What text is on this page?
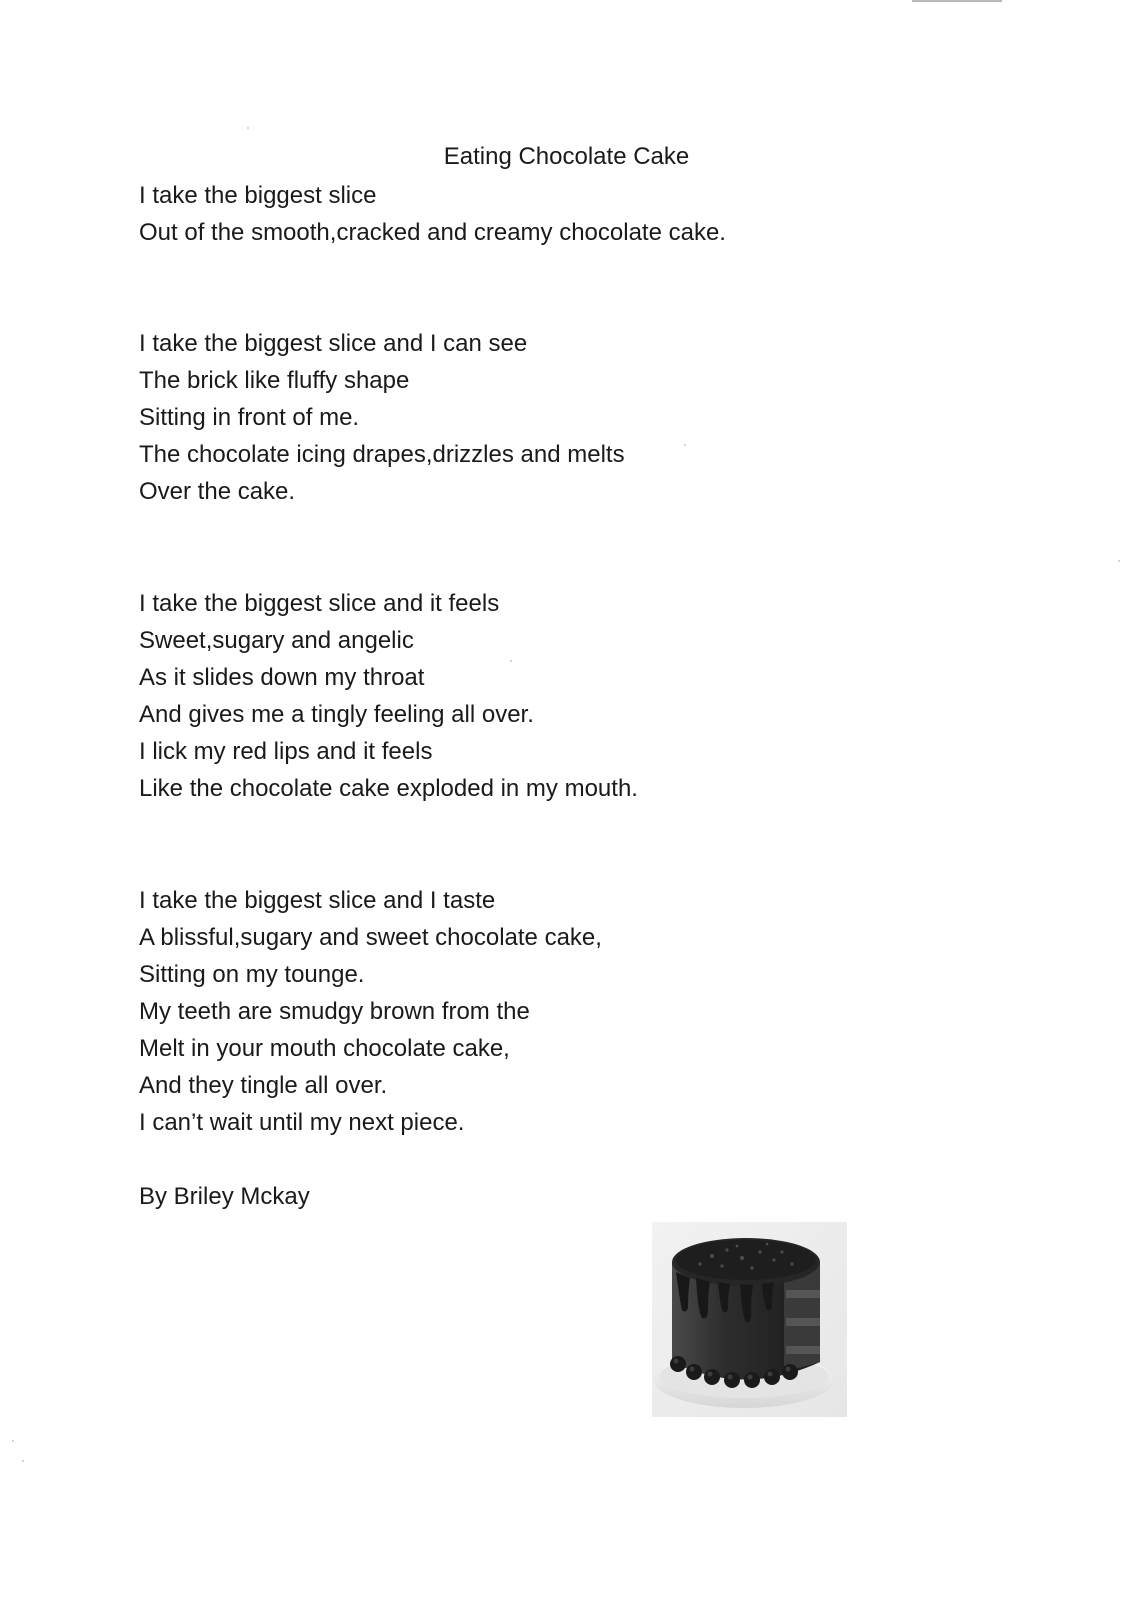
Eating Chocolate Cake
I take the biggest slice
Out of the smooth,cracked and creamy chocolate cake.
I take the biggest slice and I can see
The brick like fluffy shape
Sitting in front of me.
The chocolate icing drapes,drizzles and melts
Over the cake.
I take the biggest slice and it feels
Sweet,sugary and angelic
As it slides down my throat
And gives me a tingly feeling all over.
I lick my red lips and it feels
Like the chocolate cake exploded in my mouth.
I take the biggest slice and I taste
A blissful,sugary and sweet chocolate cake,
Sitting on my tounge.
My teeth are smudgy brown from the
Melt in your mouth chocolate cake,
And they tingle all over.
I can’t wait until my next piece.
By Briley Mckay
